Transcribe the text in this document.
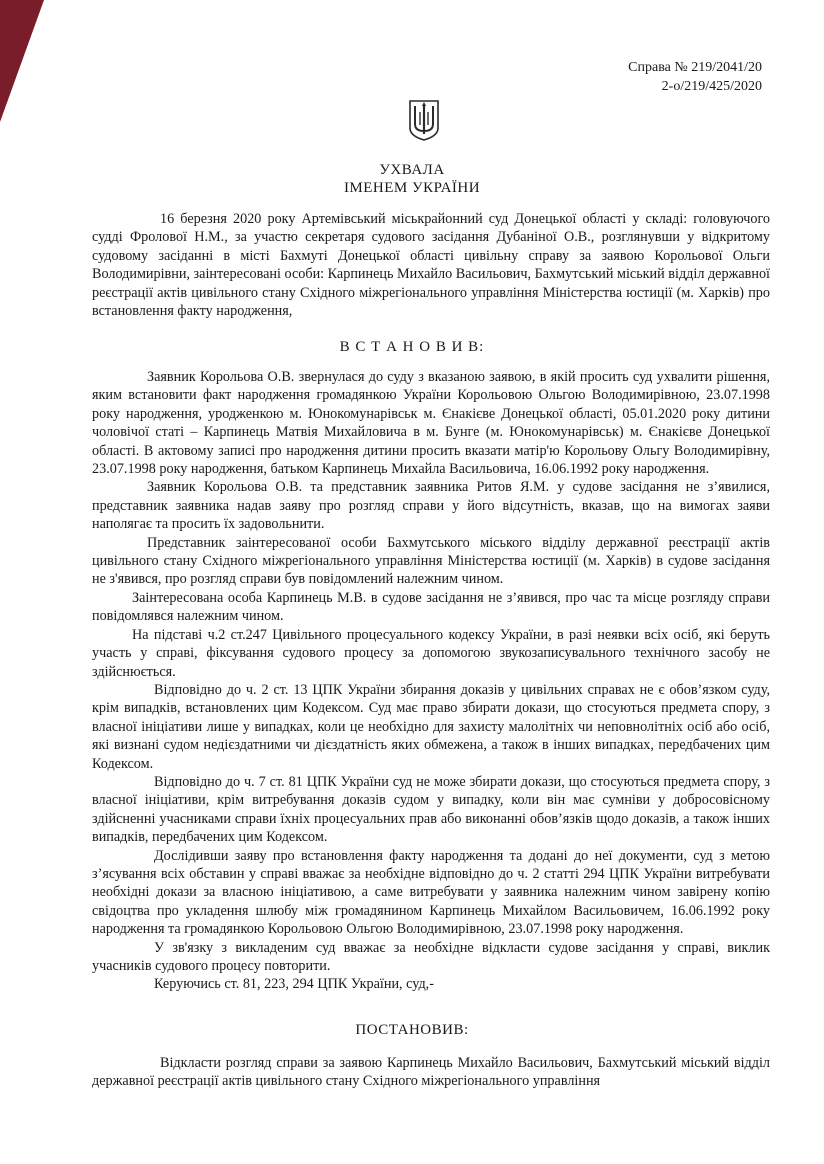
Справа № 219/2041/20
2-о/219/425/2020
УХВАЛА
ІМЕНЕМ УКРАЇНИ

16 березня 2020 року Артемівський міськрайонний суд Донецької області у складі: головуючого судді Фролової Н.М., за участю секретаря судового засідання Дубаніної О.В., розглянувши у відкритому судовому засіданні в місті Бахмуті Донецької області цивільну справу за заявою Корольової Ольги Володимирівни, заінтересовані особи: Карпинець Михайло Васильович, Бахмутський міський відділ державної реєстрації актів цивільного стану Східного міжрегіонального управління Міністерства юстиції (м. Харків) про встановлення факту народження,

В С Т А Н О В И В:

Заявник Корольова О.В. звернулася до суду з вказаною заявою, в якій просить суд ухвалити рішення, яким встановити факт народження громадянкою України Корольовою Ольгою Володимирівною, 23.07.1998 року народження, уродженкою м. Юнокомунарівськ м. Єнакієве Донецької області, 05.01.2020 року дитини чоловічої статі – Карпинець Матвія Михайловича в м. Бунге (м. Юнокомунарівськ) м. Єнакієве Донецької області. В актовому записі про народження дитини просить вказати матір'ю Корольову Ольгу Володимирівну, 23.07.1998 року народження, батьком Карпинець Михайла Васильовича, 16.06.1992 року народження.

Заявник Корольова О.В. та представник заявника Ритов Я.М. у судове засідання не з’явилися, представник заявника надав заяву про розгляд справи у його відсутність, вказав, що на вимогах заяви наполягає та просить їх задовольнити.

Представник заінтересованої особи Бахмутського міського відділу державної реєстрації актів цивільного стану Східного міжрегіонального управління Міністерства юстиції (м. Харків) в судове засідання не з'явився, про розгляд справи був повідомлений належним чином.

Заінтересована особа Карпинець М.В. в судове засідання не з’явився, про час та місце розгляду справи повідомлявся належним чином.

На підставі ч.2 ст.247 Цивільного процесуального кодексу України, в разі неявки всіх осіб, які беруть участь у справі, фіксування судового процесу за допомогою звукозаписувального технічного засобу не здійснюється.

Відповідно до ч. 2 ст. 13 ЦПК України збирання доказів у цивільних справах не є обов’язком суду, крім випадків, встановлених цим Кодексом. Суд має право збирати докази, що стосуються предмета спору, з власної ініціативи лише у випадках, коли це необхідно для захисту малолітніх чи неповнолітніх осіб або осіб, які визнані судом недієздатними чи дієздатність яких обмежена, а також в інших випадках, передбачених цим Кодексом.

Відповідно до ч. 7 ст. 81 ЦПК України суд не може збирати докази, що стосуються предмета спору, з власної ініціативи, крім витребування доказів судом у випадку, коли він має сумніви у добросовісному здійсненні учасниками справи їхніх процесуальних прав або виконанні обов’язків щодо доказів, а також інших випадків, передбачених цим Кодексом.

Дослідивши заяву про встановлення факту народження та додані до неї документи, суд з метою з’ясування всіх обставин у справі вважає за необхідне відповідно до ч. 2 статті 294 ЦПК України витребувати необхідні докази за власною ініціативою, а саме витребувати у заявника належним чином завірену копію свідоцтва про укладення шлюбу між громадянином Карпинець Михайлом Васильовичем, 16.06.1992 року народження та громадянкою Корольовою Ольгою Володимирівною, 23.07.1998 року народження.

У зв'язку з викладеним суд вважає за необхідне відкласти судове засідання у справі, виклик учасників судового процесу повторити.

Керуючись ст. 81, 223, 294 ЦПК України, суд,-

ПОСТАНОВИВ:

Відкласти розгляд справи за заявою Карпинець Михайло Васильович, Бахмутський міський відділ державної реєстрації актів цивільного стану Східного міжрегіонального управління
